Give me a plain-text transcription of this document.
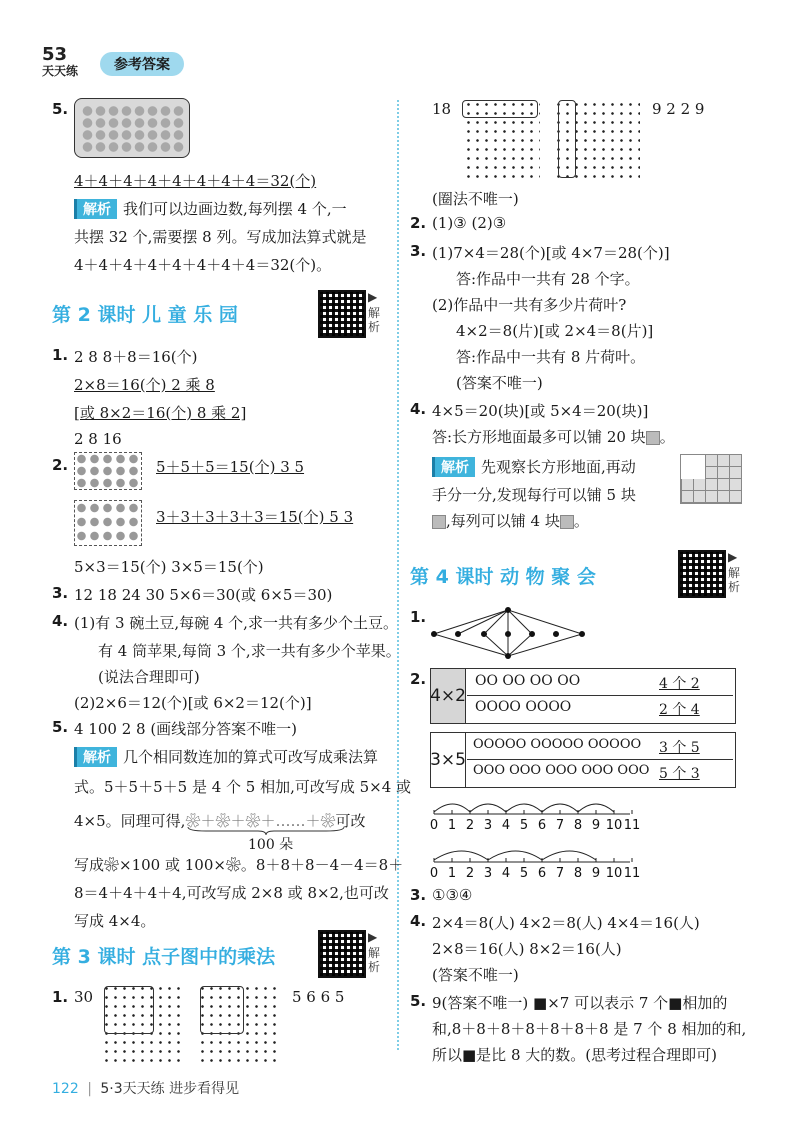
53
天天练	参考答案
5.
4＋4＋4＋4＋4＋4＋4＋4＝32(个)
解析 我们可以边画边数,每列摆 4 个,一
共摆 32 个,需要摆 8 列。写成加法算式就是
4＋4＋4＋4＋4＋4＋4＋4＝32(个)。
第 2 课时 儿 童 乐 园
▶
解
析
1. 2 8 8＋8＝16(个)
2×8＝16(个) 2 乘 8
[或 8×2＝16(个) 8 乘 2]
2 8 16
2.	5＋5＋5＝15(个) 3 5
3＋3＋3＋3＋3＝15(个) 5 3
5×3＝15(个) 3×5＝15(个)
3. 12 18 24 30 5×6＝30(或 6×5＝30)
4. (1)有 3 碗土豆,每碗 4 个,求一共有多少个土豆。
有 4 筒苹果,每筒 3 个,求一共有多少个苹果。
(说法合理即可)
(2)2×6＝12(个)[或 6×2＝12(个)]
5. 4 100 2 8 (画线部分答案不唯一)
解析 几个相同数连加的算式可改写成乘法算
式。5＋5＋5＋5 是 4 个 5 相加,可改写成 5×4 或
4×5。同理可得,❀＋❀＋❀＋……＋❀可改
100 朵
写成❀×100 或 100×❀。8＋8＋8－4－4＝8＋
8＝4＋4＋4＋4,可改写成 2×8 或 8×2,也可改
写成 4×4。
第 3 课时 点子图中的乘法
▶
解
析
1. 30	5 6 6 5
18	9 2 2 9
(圈法不唯一)
2. (1)③ (2)③
3. (1)7×4＝28(个)[或 4×7＝28(个)]
答:作品中一共有 28 个字。
(2)作品中一共有多少片荷叶?
4×2＝8(片)[或 2×4＝8(片)]
答:作品中一共有 8 片荷叶。
(答案不唯一)
4. 4×5＝20(块)[或 5×4＝20(块)]
答:长方形地面最多可以铺 20 块 。
解析 先观察长方形地面,再动
手分一分,发现每行可以铺 5 块
,每列可以铺 4 块 。
第 4 课时 动 物 聚 会
▶
解
析
1.
2.
4×2
OO OO OO OO	4 个 2
OOOO OOOO	2 个 4
3×5
OOOOO OOOOO OOOOO 3 个 5
OOO OOO OOO OOO OOO 5 个 3
0 1 2 3 4 5 6 7 8 9 10 11
0 1 2 3 4 5 6 7 8 9 10 11
3. ①③④
4. 2×4＝8(人) 4×2＝8(人) 4×4＝16(人)
2×8＝16(人) 8×2＝16(人)
(答案不唯一)
5. 9(答案不唯一) ■×7 可以表示 7 个■相加的
和,8＋8＋8＋8＋8＋8＋8 是 7 个 8 相加的和,
所以■是比 8 大的数。(思考过程合理即可)
122 | 5·3天天练 进步看得见
